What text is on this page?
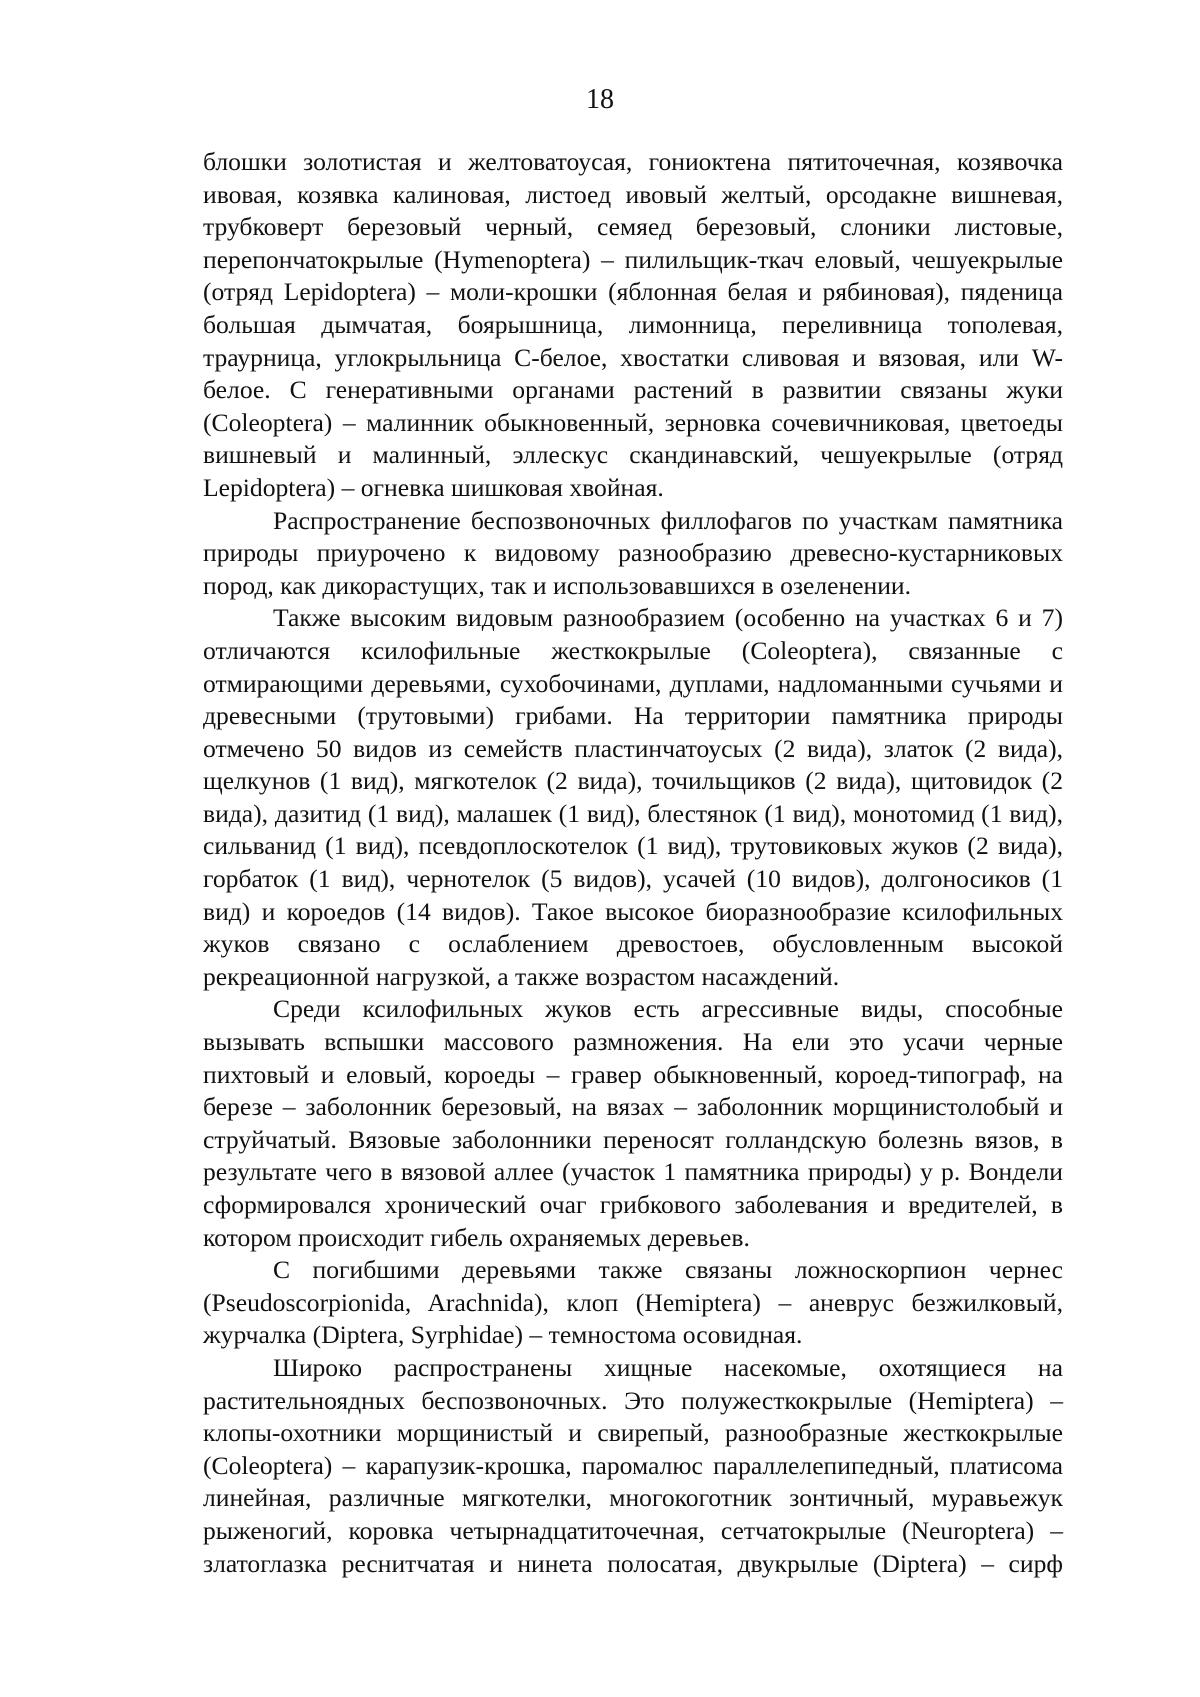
18

блошки золотистая и желтоватоусая, гониоктена пятиточечная, козявочка ивовая, козявка калиновая, листоед ивовый желтый, орсодакне вишневая, трубковерт березовый черный, семяед березовый, слоники листовые, перепончатокрылые (Hymenoptera) – пилильщик-ткач еловый, чешуекрылые (отряд Lepidoptera) – моли-крошки (яблонная белая и рябиновая), пяденица большая дымчатая, боярышница, лимонница, переливница тополевая, траурница, углокрыльница С-белое, хвостатки сливовая и вязовая, или W-белое. С генеративными органами растений в развитии связаны жуки (Coleoptera) – малинник обыкновенный, зерновка сочевичниковая, цветоеды вишневый и малинный, эллескус скандинавский, чешуекрылые (отряд Lepidoptera) – огневка шишковая хвойная.

Распространение беспозвоночных филлофагов по участкам памятника природы приурочено к видовому разнообразию древесно-кустарниковых пород, как дикорастущих, так и использовавшихся в озеленении.

Также высоким видовым разнообразием (особенно на участках 6 и 7) отличаются ксилофильные жесткокрылые (Coleoptera), связанные с отмирающими деревьями, сухобочинами, дуплами, надломанными сучьями и древесными (трутовыми) грибами. На территории памятника природы отмечено 50 видов из семейств пластинчатоусых (2 вида), златок (2 вида), щелкунов (1 вид), мягкотелок (2 вида), точильщиков (2 вида), щитовидок (2 вида), дазитид (1 вид), малашек (1 вид), блестянок (1 вид), монотомид (1 вид), сильванид (1 вид), псевдоплоскотелок (1 вид), трутовиковых жуков (2 вида), горбаток (1 вид), чернотелок (5 видов), усачей (10 видов), долгоносиков (1 вид) и короедов (14 видов). Такое высокое биоразнообразие ксилофильных жуков связано с ослаблением древостоев, обусловленным высокой рекреационной нагрузкой, а также возрастом насаждений.

Среди ксилофильных жуков есть агрессивные виды, способные вызывать вспышки массового размножения. На ели это усачи черные пихтовый и еловый, короеды – гравер обыкновенный, короед-типограф, на березе – заболонник березовый, на вязах – заболонник морщинистолобый и струйчатый. Вязовые заболонники переносят голландскую болезнь вязов, в результате чего в вязовой аллее (участок 1 памятника природы) у р. Вондели сформировался хронический очаг грибкового заболевания и вредителей, в котором происходит гибель охраняемых деревьев.

С погибшими деревьями также связаны ложноскорпион чернес (Pseudoscorpionida, Arachnida), клоп (Hemiptera) – аневрус безжилковый, журчалка (Diptera, Syrphidae) – темностома осовидная.

Широко распространены хищные насекомые, охотящиеся на растительноядных беспозвоночных. Это полужесткокрылые (Hemiptera) – клопы-охотники морщинистый и свирепый, разнообразные жесткокрылые (Coleoptera) – карапузик-крошка, паромалюс параллелепипедный, платисома линейная, различные мягкотелки, многокоготник зонтичный, муравьежук рыженогий, коровка четырнадцатиточечная, сетчатокрылые (Neuroptera) – златоглазка реснитчатая и нинета полосатая, двукрылые (Diptera) – сирф
